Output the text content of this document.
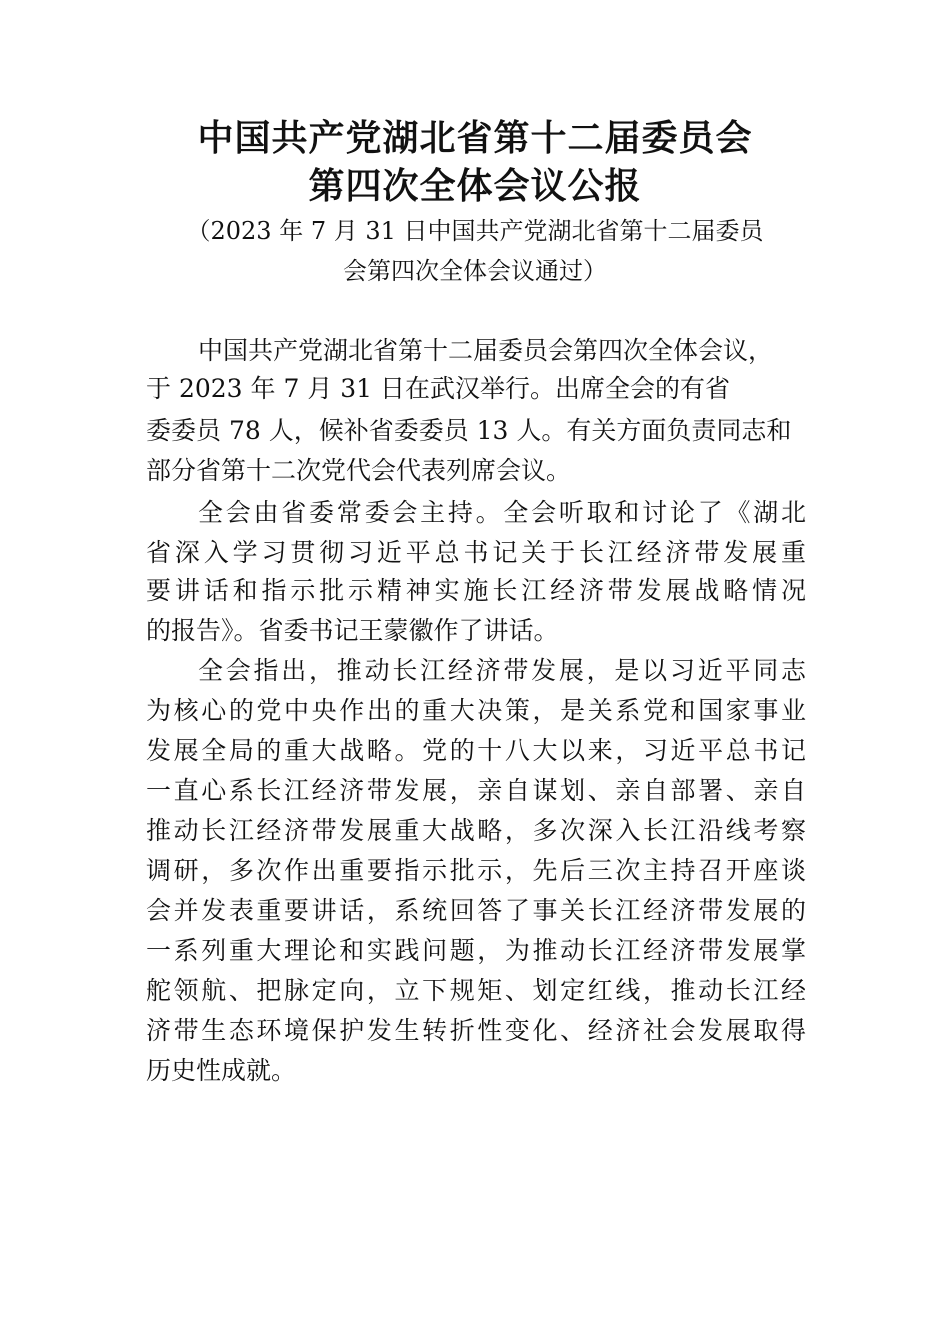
中国共产党湖北省第十二届委员会
第四次全体会议公报
（2023 年 7 月 31 日中国共产党湖北省第十二届委员
会第四次全体会议通过）
中国共产党湖北省第十二届委员会第四次全体会议，
于 2023 年 7 月 31 日在武汉举行。出席全会的有省
委委员 78 人，候补省委委员 13 人。有关方面负责同志和
部分省第十二次党代会代表列席会议。
全会由省委常委会主持。全会听取和讨论了《湖北
省深入学习贯彻习近平总书记关于长江经济带发展重
要讲话和指示批示精神实施长江经济带发展战略情况
的报告》。省委书记王蒙徽作了讲话。
全会指出，推动长江经济带发展，是以习近平同志
为核心的党中央作出的重大决策，是关系党和国家事业
发展全局的重大战略。党的十八大以来，习近平总书记
一直心系长江经济带发展，亲自谋划、亲自部署、亲自
推动长江经济带发展重大战略，多次深入长江沿线考察
调研，多次作出重要指示批示，先后三次主持召开座谈
会并发表重要讲话，系统回答了事关长江经济带发展的
一系列重大理论和实践问题，为推动长江经济带发展掌
舵领航、把脉定向，立下规矩、划定红线，推动长江经
济带生态环境保护发生转折性变化、经济社会发展取得
历史性成就。
